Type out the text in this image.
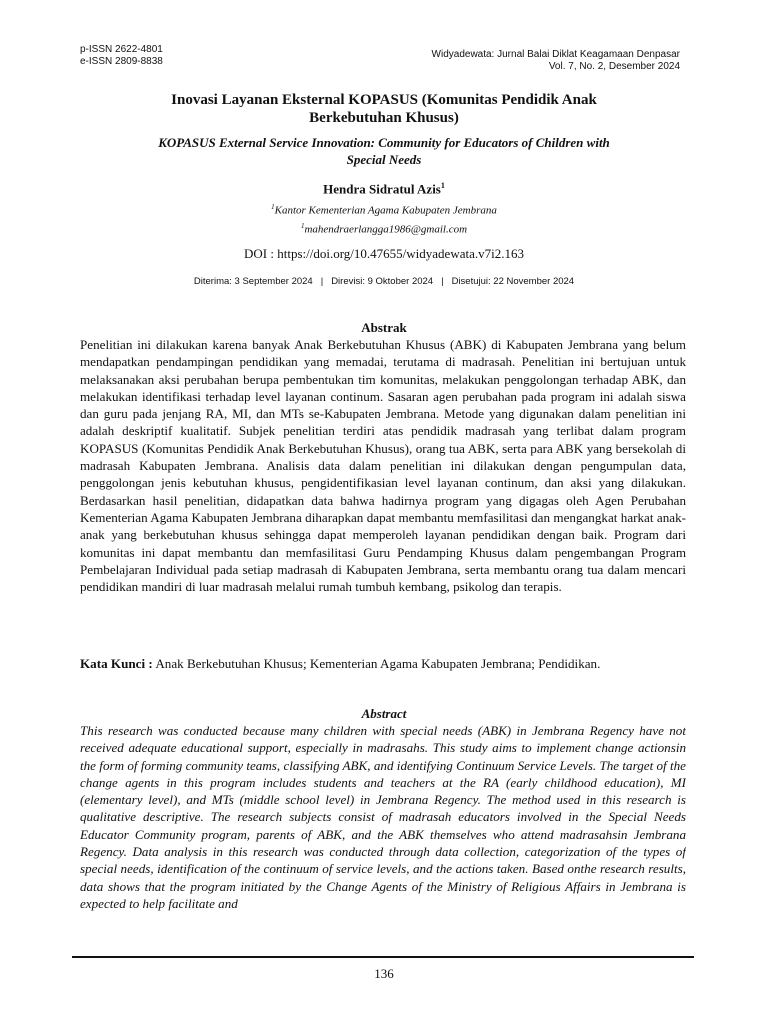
p-ISSN 2622-4801
e-ISSN 2809-8838
Widyadewata: Jurnal Balai Diklat Keagamaan Denpasar
Vol. 7, No. 2, Desember 2024
Inovasi Layanan Eksternal KOPASUS (Komunitas Pendidik Anak
Berkebutuhan Khusus)
KOPASUS External Service Innovation: Community for Educators of Children with
Special Needs
Hendra Sidratul Azis$^1$
$^1$Kantor Kementerian Agama Kabupaten Jembrana
$^1$mahendraerlangga1986@gmail.com
DOI : https://doi.org/10.47655/widyadewata.v7i2.163
Diterima: 3 September 2024 | Direvisi: 9 Oktober 2024 | Disetujui: 22 November 2024
Abstrak

Penelitian ini dilakukan karena banyak Anak Berkebutuhan Khusus (ABK) di Kabupaten Jembrana yang belum mendapatkan pendampingan pendidikan yang memadai, terutama di madrasah. Penelitian ini bertujuan untuk melaksanakan aksi perubahan berupa pembentukan tim komunitas, melakukan penggolongan terhadap ABK, dan melakukan identifikasi terhadap level layanan continum. Sasaran agen perubahan pada program ini adalah siswa dan guru pada jenjang RA, MI, dan MTs se-Kabupaten Jembrana. Metode yang digunakan dalam penelitian ini adalah deskriptif kualitatif. Subjek penelitian terdiri atas pendidik madrasah yang terlibat dalam program KOPASUS (Komunitas Pendidik Anak Berkebutuhan Khusus), orang tua ABK, serta para ABK yang bersekolah di madrasah Kabupaten Jembrana. Analisis data dalam penelitian ini dilakukan dengan pengumpulan data, penggolongan jenis kebutuhan khusus, pengidentifikasian level layanan continum, dan aksi yang dilakukan. Berdasarkan hasil penelitian, didapatkan data bahwa hadirnya program yang digagas oleh Agen Perubahan Kementerian Agama Kabupaten Jembrana diharapkan dapat membantu memfasilitasi dan mengangkat harkat anak-anak yang berkebutuhan khusus sehingga dapat memperoleh layanan pendidikan dengan baik. Program dari komunitas ini dapat membantu dan memfasilitasi Guru Pendamping Khusus dalam pengembangan Program Pembelajaran Individual pada setiap madrasah di Kabupaten Jembrana, serta membantu orang tua dalam mencari pendidikan mandiri di luar madrasah melalui rumah tumbuh kembang, psikolog dan terapis.

Kata Kunci : Anak Berkebutuhan Khusus; Kementerian Agama Kabupaten Jembrana; Pendidikan.

Abstract

This research was conducted because many children with special needs (ABK) in Jembrana Regency have not received adequate educational support, especially in madrasahs. This study aims to implement change actionsin the form of forming community teams, classifying ABK, and identifying Continuum Service Levels. The target of the change agents in this program includes students and teachers at the RA (early childhood education), MI (elementary level), and MTs (middle school level) in Jembrana Regency. The method used in this research is qualitative descriptive. The research subjects consist of madrasah educators involved in the Special Needs Educator Community program, parents of ABK, and the ABK themselves who attend madrasahsin Jembrana Regency. Data analysis in this research was conducted through data collection, categorization of the types of special needs, identification of the continuum of service levels, and the actions taken. Based onthe research results, data shows that the program initiated by the Change Agents of the Ministry of Religious Affairs in Jembrana is expected to help facilitate and

136
